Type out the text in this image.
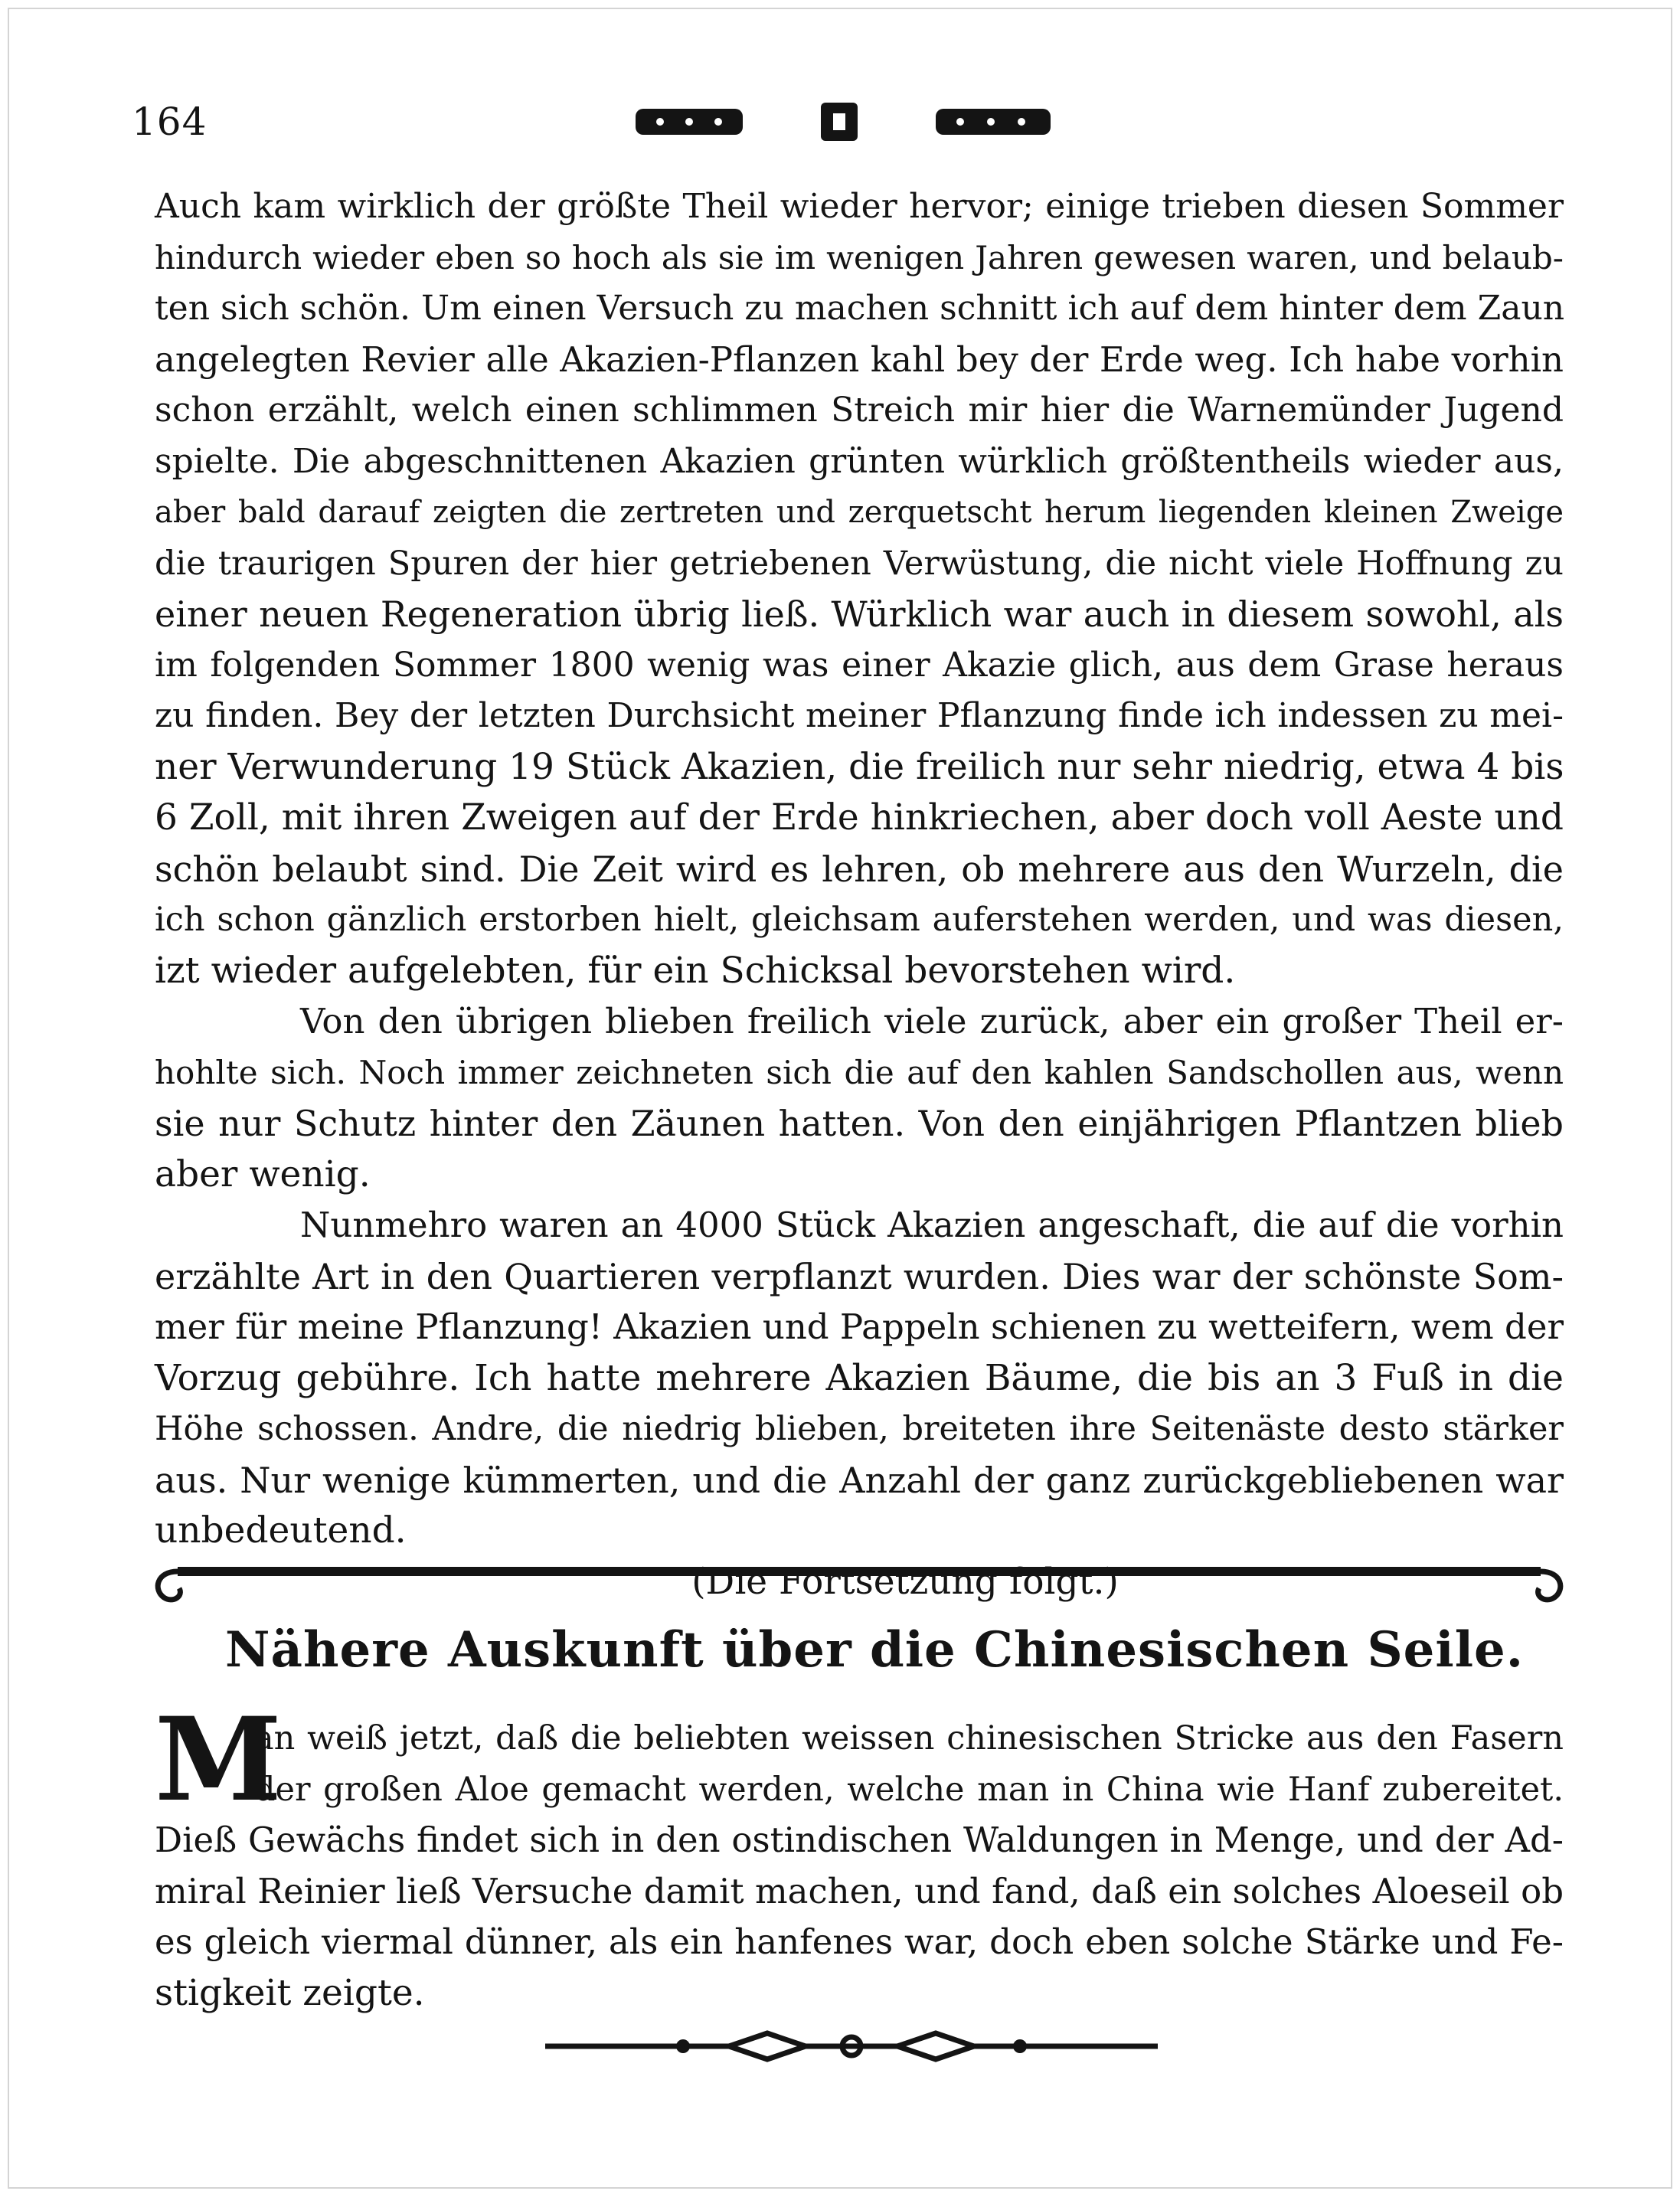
164
Auch kam wirklich der größte Theil wieder hervor; einige trieben diesen Sommer
hindurch wieder eben so hoch als sie im wenigen Jahren gewesen waren, und belaub-
ten sich schön. Um einen Versuch zu machen schnitt ich auf dem hinter dem Zaun
angelegten Revier alle Akazien-Pflanzen kahl bey der Erde weg. Ich habe vorhin
schon erzählt, welch einen schlimmen Streich mir hier die Warnemünder Jugend
spielte. Die abgeschnittenen Akazien grünten würklich größtentheils wieder aus,
aber bald darauf zeigten die zertreten und zerquetscht herum liegenden kleinen Zweige
die traurigen Spuren der hier getriebenen Verwüstung, die nicht viele Hoffnung zu
einer neuen Regeneration übrig ließ. Würklich war auch in diesem sowohl, als
im folgenden Sommer 1800 wenig was einer Akazie glich, aus dem Grase heraus
zu finden. Bey der letzten Durchsicht meiner Pflanzung finde ich indessen zu mei-
ner Verwunderung 19 Stück Akazien, die freilich nur sehr niedrig, etwa 4 bis
6 Zoll, mit ihren Zweigen auf der Erde hinkriechen, aber doch voll Aeste und
schön belaubt sind. Die Zeit wird es lehren, ob mehrere aus den Wurzeln, die
ich schon gänzlich erstorben hielt, gleichsam auferstehen werden, und was diesen,
izt wieder aufgelebten, für ein Schicksal bevorstehen wird.
Von den übrigen blieben freilich viele zurück, aber ein großer Theil er-
hohlte sich. Noch immer zeichneten sich die auf den kahlen Sandschollen aus, wenn
sie nur Schutz hinter den Zäunen hatten. Von den einjährigen Pflantzen blieb
aber wenig.
Nunmehro waren an 4000 Stück Akazien angeschaft, die auf die vorhin
erzählte Art in den Quartieren verpflanzt wurden. Dies war der schönste Som-
mer für meine Pflanzung! Akazien und Pappeln schienen zu wetteifern, wem der
Vorzug gebühre. Ich hatte mehrere Akazien Bäume, die bis an 3 Fuß in die
Höhe schossen. Andre, die niedrig blieben, breiteten ihre Seitenäste desto stärker
aus. Nur wenige kümmerten, und die Anzahl der ganz zurückgebliebenen war
unbedeutend.
(Die Fortsetzung folgt.)
Nähere Auskunft über die Chinesischen Seile.
M
an weiß jetzt, daß die beliebten weissen chinesischen Stricke aus den Fasern
der großen Aloe gemacht werden, welche man in China wie Hanf zubereitet.
Dieß Gewächs findet sich in den ostindischen Waldungen in Menge, und der Ad-
miral Reinier ließ Versuche damit machen, und fand, daß ein solches Aloeseil ob
es gleich viermal dünner, als ein hanfenes war, doch eben solche Stärke und Fe-
stigkeit zeigte.
